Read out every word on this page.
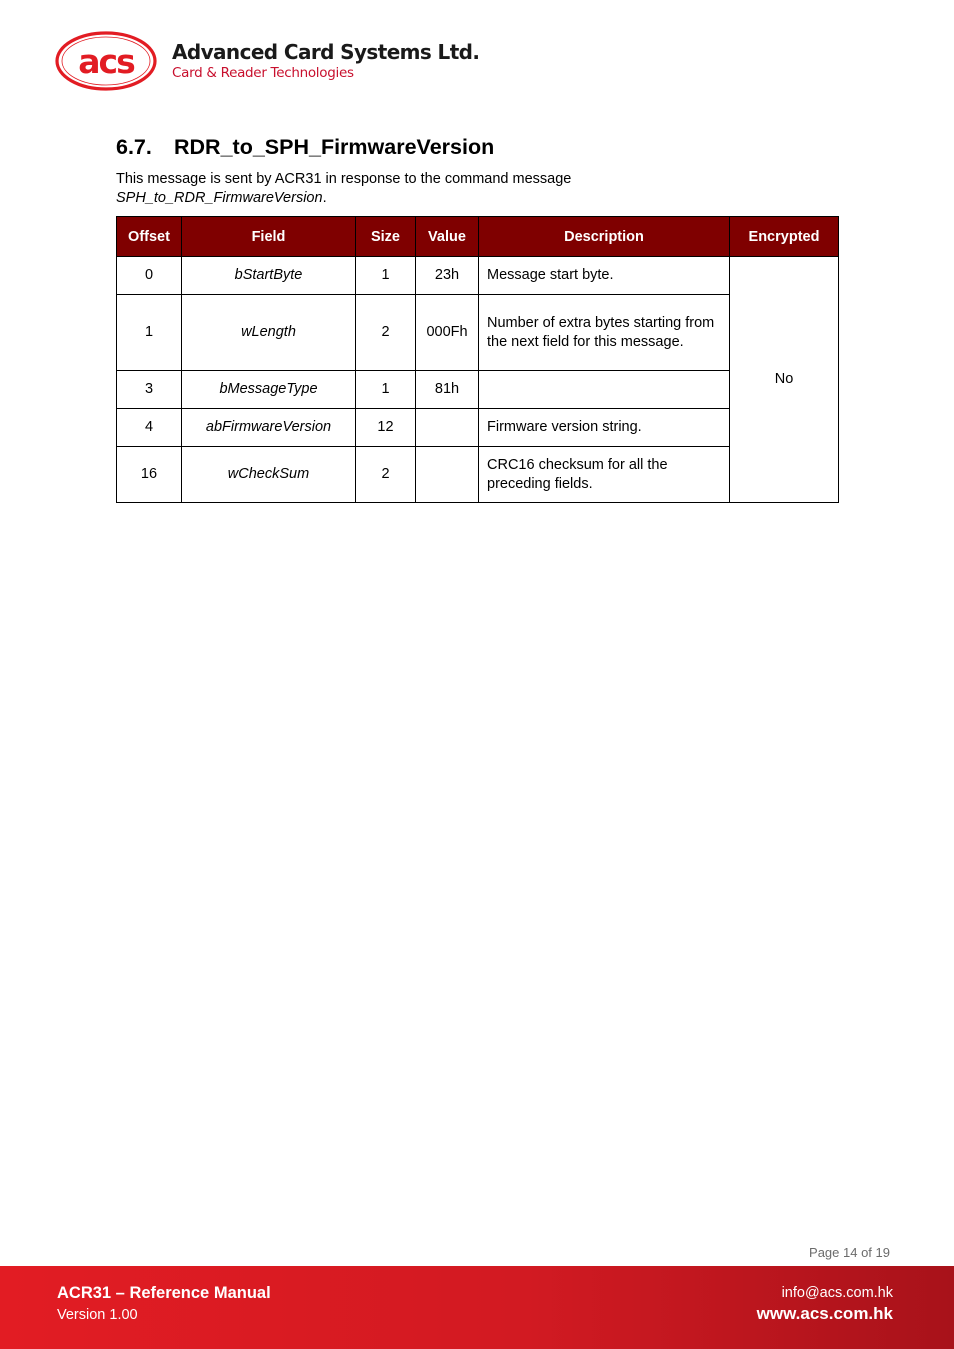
acs Advanced Card Systems Ltd.
Card & Reader Technologies
6.7. RDR_to_SPH_FirmwareVersion

This message is sent by ACR31 in response to the command message
SPH_to_RDR_FirmwareVersion.

Offset	Field	Size	Value	Description	Encrypted
0	bStartByte	1	23h	Message start byte.	No
1	wLength	2	000Fh	Number of extra bytes starting from the next field for this message.	
3	bMessageType	1	81h		
4	abFirmwareVersion	12		Firmware version string.	
16	wCheckSum	2		CRC16 checksum for all the preceding fields.	
Page 14 of 19
ACR31 – Reference Manual
Version 1.00
info@acs.com.hk
www.acs.com.hk
